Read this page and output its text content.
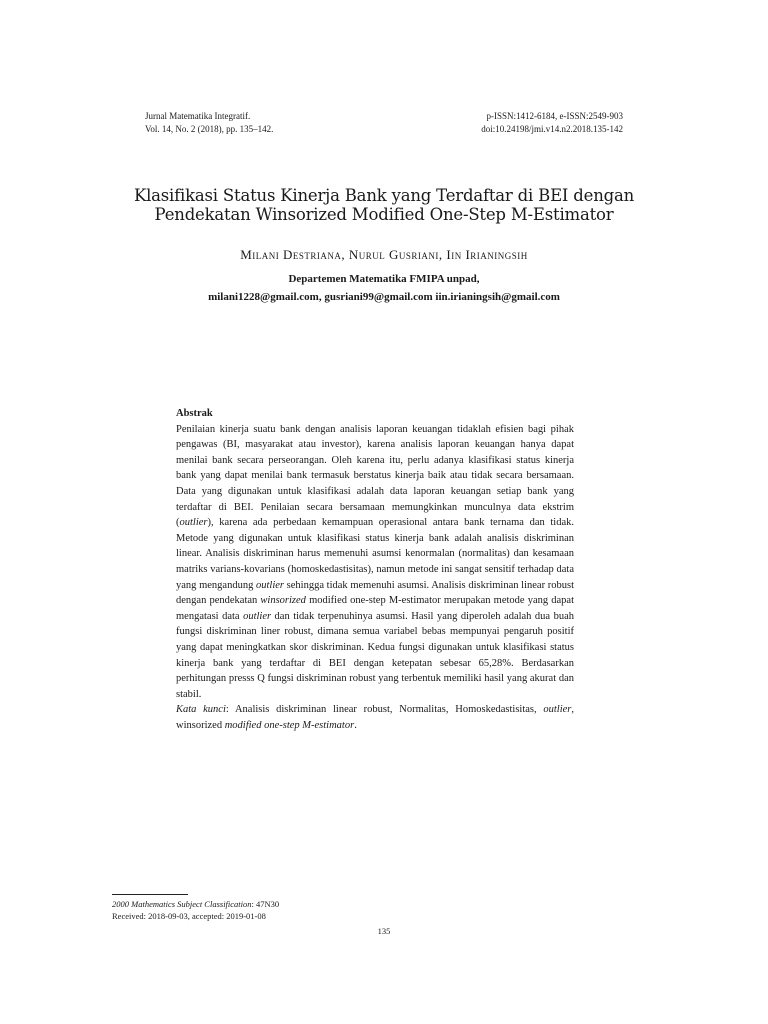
Jurnal Matematika Integratif.
Vol. 14, No. 2 (2018), pp. 135–142.
p-ISSN:1412-6184, e-ISSN:2549-903
doi:10.24198/jmi.v14.n2.2018.135-142
Klasifikasi Status Kinerja Bank yang Terdaftar di BEI dengan
Pendekatan Winsorized Modified One-Step M-Estimator
Milani Destriana, Nurul Gusriani, Iin Irianingsih
Departemen Matematika FMIPA unpad,
milani1228@gmail.com, gusriani99@gmail.com iin.irianingsih@gmail.com
Abstrak

Penilaian kinerja suatu bank dengan analisis laporan keuangan tidaklah efisien bagi pihak pengawas (BI, masyarakat atau investor), karena analisis laporan keuangan hanya dapat menilai bank secara perseorangan. Oleh karena itu, perlu adanya klasifikasi status kinerja bank yang dapat menilai bank termasuk berstatus kinerja baik atau tidak secara bersamaan. Data yang digunakan untuk klasifikasi adalah data laporan keuangan setiap bank yang terdaftar di BEI. Penilaian secara bersamaan memungkinkan munculnya data ekstrim (outlier), karena ada perbedaan kemampuan operasional antara bank ternama dan tidak. Metode yang digunakan untuk klasifikasi status kinerja bank adalah analisis diskriminan linear. Analisis diskriminan harus memenuhi asumsi kenormalan (normalitas) dan kesamaan matriks varians-kovarians (homoskedastisitas), namun metode ini sangat sensitif terhadap data yang mengandung outlier sehingga tidak memenuhi asumsi. Analisis diskriminan linear robust dengan pendekatan winsorized modified one-step M-estimator merupakan metode yang dapat mengatasi data outlier dan tidak terpenuhinya asumsi. Hasil yang diperoleh adalah dua buah fungsi diskriminan liner robust, dimana semua variabel bebas mempunyai pengaruh positif yang dapat meningkatkan skor diskriminan. Kedua fungsi digunakan untuk klasifikasi status kinerja bank yang terdaftar di BEI dengan ketepatan sebesar 65,28%. Berdasarkan perhitungan presss Q fungsi diskriminan robust yang terbentuk memiliki hasil yang akurat dan stabil.

Kata kunci: Analisis diskriminan linear robust, Normalitas, Homoskedastisitas, outlier, winsorized modified one-step M-estimator.

2000 Mathematics Subject Classification: 47N30
Received: 2018-09-03, accepted: 2019-01-08
135
